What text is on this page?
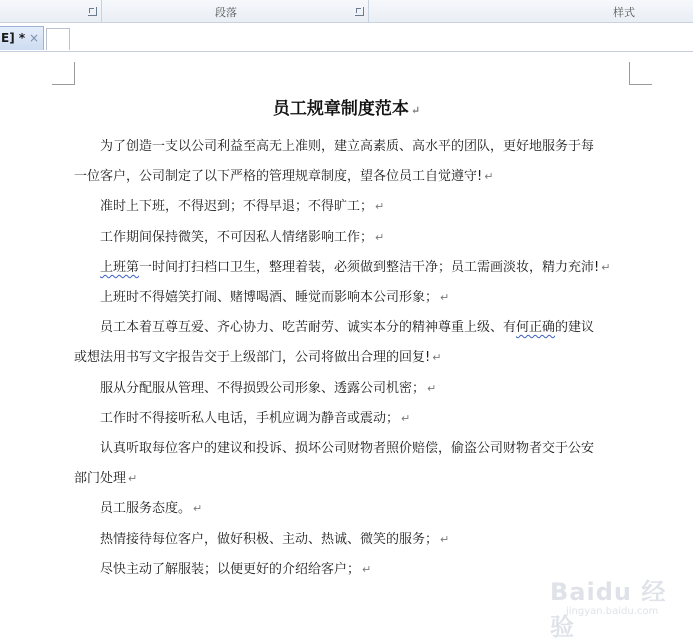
段落	样式
E] * ×
员工规章制度范本 ↵
为了创造一支以公司利益至高无上准则，建立高素质、高水平的团队，更好地服务于每
一位客户，公司制定了以下严格的管理规章制度，望各位员工自觉遵守! ↵
准时上下班，不得迟到；不得早退；不得旷工； ↵
工作期间保持微笑，不可因私人情绪影响工作； ↵
上班第一时间打扫档口卫生，整理着装，必须做到整洁干净；员工需画淡妆，精力充沛! ↵
上班时不得嬉笑打闹、赌博喝酒、睡觉而影响本公司形象； ↵
员工本着互尊互爱、齐心协力、吃苦耐劳、诚实本分的精神尊重上级、有何正确的建议
或想法用书写文字报告交于上级部门，公司将做出合理的回复! ↵
服从分配服从管理、不得损毁公司形象、透露公司机密； ↵
工作时不得接听私人电话，手机应调为静音或震动； ↵
认真听取每位客户的建议和投诉、损坏公司财物者照价赔偿，偷盗公司财物者交于公安
部门处理 ↵
员工服务态度。 ↵
热情接待每位客户，做好积极、主动、热诚、微笑的服务； ↵
尽快主动了解服装；以便更好的介绍给客户； ↵
Baidu 经验
jingyan.baidu.com
